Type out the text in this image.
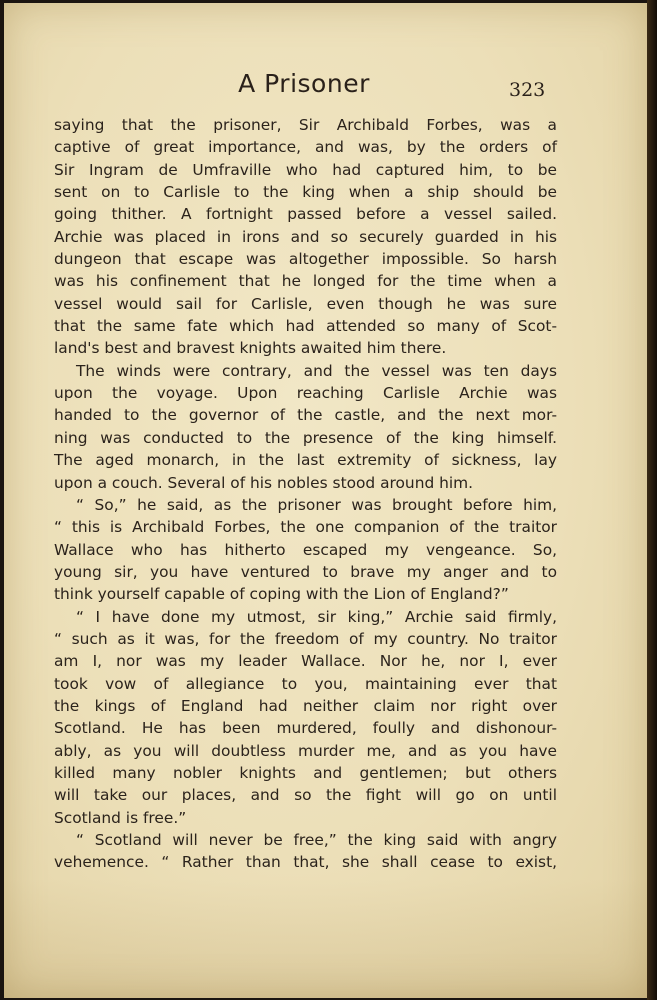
A Prisoner	323

saying that the prisoner, Sir Archibald Forbes, was a
captive of great importance, and was, by the orders of
Sir Ingram de Umfraville who had captured him, to be
sent on to Carlisle to the king when a ship should be
going thither. A fortnight passed before a vessel sailed.
Archie was placed in irons and so securely guarded in his
dungeon that escape was altogether impossible. So harsh
was his confinement that he longed for the time when a
vessel would sail for Carlisle, even though he was sure
that the same fate which had attended so many of Scot-
land's best and bravest knights awaited him there.

The winds were contrary, and the vessel was ten days
upon the voyage. Upon reaching Carlisle Archie was
handed to the governor of the castle, and the next mor-
ning was conducted to the presence of the king himself.
The aged monarch, in the last extremity of sickness, lay
upon a couch. Several of his nobles stood around him.

“ So,” he said, as the prisoner was brought before him,
“ this is Archibald Forbes, the one companion of the traitor
Wallace who has hitherto escaped my vengeance. So,
young sir, you have ventured to brave my anger and to
think yourself capable of coping with the Lion of England?”

“ I have done my utmost, sir king,” Archie said firmly,
“ such as it was, for the freedom of my country. No traitor
am I, nor was my leader Wallace. Nor he, nor I, ever
took vow of allegiance to you, maintaining ever that
the kings of England had neither claim nor right over
Scotland. He has been murdered, foully and dishonour-
ably, as you will doubtless murder me, and as you have
killed many nobler knights and gentlemen; but others
will take our places, and so the fight will go on until
Scotland is free.”

“ Scotland will never be free,” the king said with angry
vehemence. “ Rather than that, she shall cease to exist,
